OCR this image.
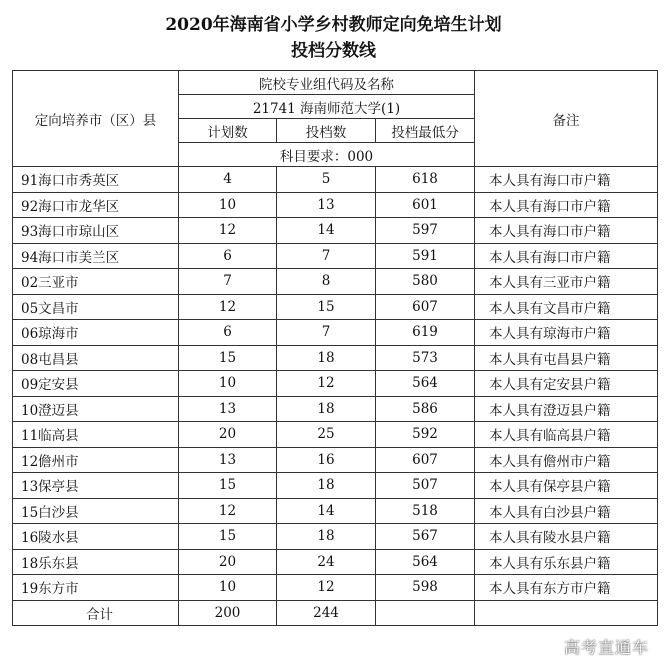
2020年海南省小学乡村教师定向免培生计划
投档分数线
定向培养市（区）县	院校专业组代码及名称			备注
	21741 海南师范大学(1)			
	计划数	投档数	投档最低分	
	科目要求：000			
91海口市秀英区	4	5	618	本人具有海口市户籍
92海口市龙华区	10	13	601	本人具有海口市户籍
93海口市琼山区	12	14	597	本人具有海口市户籍
94海口市美兰区	6	7	591	本人具有海口市户籍
02三亚市	7	8	580	本人具有三亚市户籍
05文昌市	12	15	607	本人具有文昌市户籍
06琼海市	6	7	619	本人具有琼海市户籍
08屯昌县	15	18	573	本人具有屯昌县户籍
09定安县	10	12	564	本人具有定安县户籍
10澄迈县	13	18	586	本人具有澄迈县户籍
11临高县	20	25	592	本人具有临高县户籍
12儋州市	13	16	607	本人具有儋州市户籍
13保亭县	15	18	507	本人具有保亭县户籍
15白沙县	12	14	518	本人具有白沙县户籍
16陵水县	15	18	567	本人具有陵水县户籍
18乐东县	20	24	564	本人具有乐东县户籍
19东方市	10	12	598	本人具有东方市户籍
合计	200	244		
高考直通车
